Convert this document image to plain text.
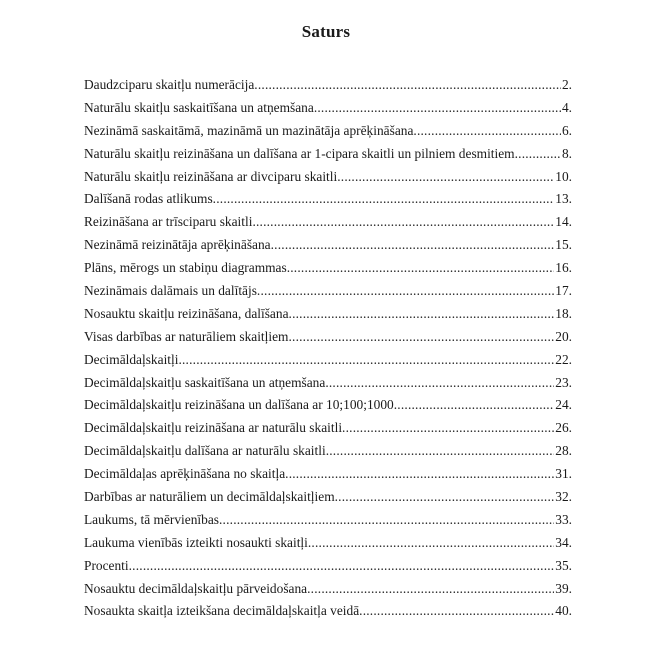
Saturs
Daudzciparu skaitļu numerācija .....	2.
Naturālu skaitļu saskaitīšana un atņemšana .....	4.
Nezināmā saskaitāmā, mazināmā un mazinātāja aprēķināšana .....	6.
Naturālu skaitļu reizināšana un dalīšana ar 1-cipara skaitli un pilniem desmitiem .....	8.
Naturālu skaitļu reizināšana ar divciparu skaitli .....	10.
Dalīšanā rodas atlikums .....	13.
Reizināšana ar trīsciparu skaitli .....	14.
Nezināmā reizinātāja aprēķināšana .....	15.
Plāns, mērogs un stabiņu diagrammas .....	16.
Nezināmais dalāmais un dalītājs .....	17.
Nosauktu skaitļu reizināšana, dalīšana .....	18.
Visas darbības ar naturāliem skaitļiem .....	20.
Decimāldaļskaitļi .....	22.
Decimāldaļskaitļu saskaitīšana un atņemšana .....	23.
Decimāldaļskaitļu reizināšana un dalīšana ar 10;100;1000 .....	24.
Decimāldaļskaitļu reizināšana ar naturālu skaitli .....	26.
Decimāldaļskaitļu dalīšana ar naturālu skaitli .....	28.
Decimāldaļas aprēķināšana no skaitļa .....	31.
Darbības ar naturāliem un decimāldaļskaitļiem .....	32.
Laukums, tā mērvienības .....	33.
Laukuma vienībās izteikti nosaukti skaitļi .....	34.
Procenti .....	35.
Nosauktu decimāldaļskaitļu pārveidošana .....	39.
Nosaukta skaitļa izteikšana decimāldaļskaitļa veidā .....	40.
